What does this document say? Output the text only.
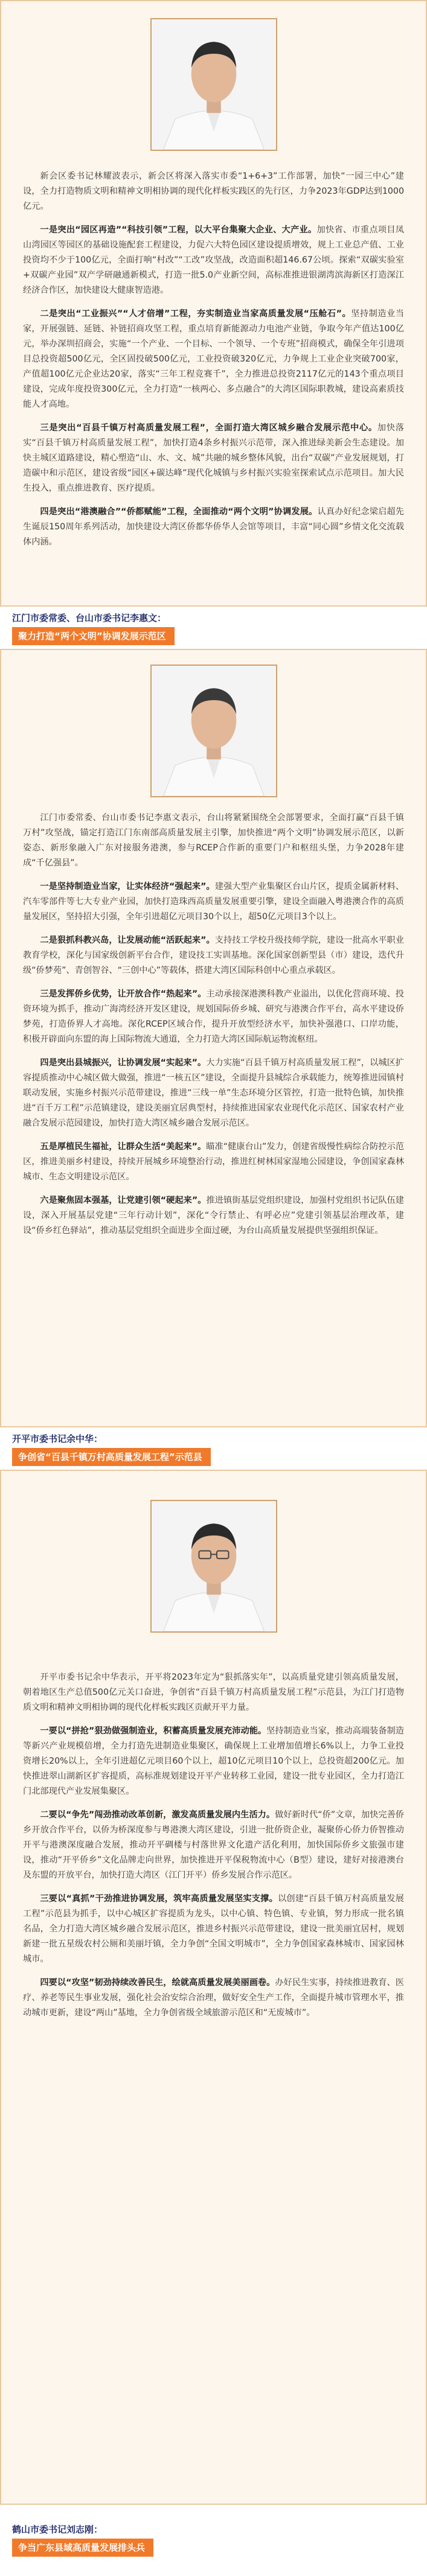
新会区委书记林耀波表示，新会区将深入落实市委“1+6+3”工作部署，加快“一园三中心”建设，全力打造物质文明和精神文明相协调的现代化样板实践区的先行区，力争2023年GDP达到1000亿元。

一是突出“园区再造”“科技引领”工程，以大平台集聚大企业、大产业。加快省、市重点项目凤山湾园区等园区的基础设施配套工程建设，力促六大特色园区建设提质增效，规上工业总产值、工业投资均不少于100亿元，全面打响“村改”“工改”攻坚战，改造面积超146.67公顷。探索“双碳实验室+双碳产业园”双产学研融通新模式，打造一批5.0产业新空间，高标准推进银湖湾滨海新区打造深江经济合作区，加快建设大健康智造港。

二是突出“工业振兴”“人才倍增”工程，夯实制造业当家高质量发展“压舱石”。坚持制造业当家，开展强链、延链、补链招商攻坚工程，重点培育新能源动力电池产业链，争取今年产值达100亿元，举办深圳招商会，实施“一个产业、一个目标、一个领导、一个专班”招商模式，确保全年引进项目总投资超500亿元，全区固投破500亿元，工业投资破320亿元，力争规上工业企业突破700家，产值超100亿元企业达20家，落实“三年工程竞赛千”，全力推进总投资2117亿元的143个重点项目建设，完成年度投资300亿元，全力打造“一核两心、多点融合”的大湾区国际职教城，建设高素质技能人才高地。

三是突出“百县千镇万村高质量发展工程”，全面打造大湾区城乡融合发展示范中心。加快落实“百县千镇万村高质量发展工程”，加快打造4条乡村振兴示范带，深入推进绿美新会生态建设。加快主城区道路建设，精心塑造“山、水、文、城”共融的城乡整体风貌，出台“双碳”产业发展规划，打造碳中和示范区，建设省级“园区+碳达峰”现代化城镇与乡村振兴实验室探索试点示范项目。加大民生投入，重点推进教育、医疗提质。

四是突出“港澳融合”“侨都赋能”工程，全面推动“两个文明”协调发展。认真办好纪念梁启超先生诞辰150周年系列活动，加快建设大湾区侨都华侨华人会馆等项目，丰富“同心圆”乡情文化交流载体内涵。

江门市委常委、台山市委书记李惠文：
聚力打造“两个文明”协调发展示范区

江门市委常委、台山市委书记李惠文表示，台山将紧紧围绕全会部署要求，全面打赢“百县千镇万村”攻坚战，锚定打造江门东南部高质量发展主引擎，加快推进“两个文明”协调发展示范区，以新姿态、新形象融入广东对接服务港澳，参与RCEP合作新的重要门户和枢纽头堡，力争2028年建成“千亿强县”。

一是坚持制造业当家，让实体经济“强起来”。建强大型产业集聚区台山片区，提质金属新材料、汽车零部件等七大专业产业园，加快打造珠西高质量发展重要引擎，建设全面融入粤港澳合作的高质量发展区，坚持招大引强，全年引进超亿元项目30个以上，超50亿元项目3个以上。

二是狠抓科教兴岛，让发展动能“活跃起来”。支持技工学校升级技师学院，建设一批高水平职业教育学校，深化与国家级创新平台合作，建设技工实训基地。深化国家创新型县（市）建设，迭代升级“侨梦苑”、青创智谷、“三创中心”等载体，搭建大湾区国际科创中心重点承载区。

三是发挥侨乡优势，让开放合作“热起来”。主动承接深港澳科教产业溢出，以优化营商环境、投资环境为抓手，推动广海湾经济开发区建设，规划国际侨乡城、研究与港澳合作平台，高水平建设侨梦苑，打造侨界人才高地。深化RCEP区域合作，提升开放型经济水平，加快补强港口、口岸功能，积极开辟面向东盟的海上国际物流大通道，全力打造大湾区国际航运物流枢纽。

四是突出县城振兴，让协调发展“实起来”。大力实施“百县千镇万村高质量发展工程”，以城区扩容提质推动中心城区做大做强，推进“一核五区”建设，全面提升县城综合承载能力，统筹推进园镇村联动发展，实施乡村振兴示范带建设，推进“三线一单”生态环境分区管控，打造一批特色镇，加快推进“百千万工程”示范镇建设，建设美丽宜居典型村，持续推进国家农业现代化示范区、国家农村产业融合发展示范园建设，加快打造大湾区城乡融合发展示范区。

五是厚植民生福祉，让群众生活“美起来”。瞄准“健康台山”发力，创建省级慢性病综合防控示范区，推进美丽乡村建设，持续开展城乡环境整治行动，推进红树林国家湿地公园建设，争创国家森林城市、生态文明建设示范区。

六是聚焦固本强基，让党建引领“硬起来”。推进镇街基层党组织建设，加强村党组织书记队伍建设，深入开展基层党建“三年行动计划”，深化“令行禁止、有呼必应”党建引领基层治理改革，建设“侨乡红色驿站”，推动基层党组织全面进步全面过硬，为台山高质量发展提供坚强组织保证。

开平市委书记余中华：
争创省“百县千镇万村高质量发展工程”示范县

开平市委书记余中华表示，开平将2023年定为“狠抓落实年”，以高质量党建引领高质量发展，朝着地区生产总值500亿元关口奋进，争创省“百县千镇万村高质量发展工程”示范县，为江门打造物质文明和精神文明相协调的现代化样板实践区贡献开平力量。

一要以“拼抢”狠劲做强制造业，积蓄高质量发展充沛动能。坚持制造业当家，推动高端装备制造等新兴产业规模倍增，全力打造先进制造业集聚区，确保规上工业增加值增长6%以上，力争工业投资增长20%以上，全年引进超亿元项目60个以上，超10亿元项目10个以上，总投资超200亿元。加快推进翠山湖新区扩容提质，高标准规划建设开平产业转移工业园，建设一批专业园区，全力打造江门北部现代产业发展集聚区。

二要以“争先”闯劲推动改革创新，激发高质量发展内生活力。做好新时代“侨”文章，加快完善侨乡开放合作平台，以侨为桥深度参与粤港澳大湾区建设，引进一批侨资企业，凝聚侨心侨力侨智推动开平与港澳深度融合发展，推动开平碉楼与村落世界文化遗产活化利用，加快国际侨乡文旅强市建设，推动“开平侨乡”文化品牌走向世界，加快推进开平保税物流中心（B型）建设，建好对接港澳台及东盟的开放平台，加快打造大湾区（江门开平）侨乡发展合作示范区。

三要以“真抓”干劲推进协调发展，筑牢高质量发展坚实支撑。以创建“百县千镇万村高质量发展工程”示范县为抓手，以中心城区扩容提质为龙头，以中心镇、特色镇、专业镇，努力形成一批名镇名品，全力打造大湾区城乡融合发展示范区，推进乡村振兴示范带建设，建设一批美丽宜居村，规划新建一批五星级农村公厕和美丽圩镇，全力争创“全国文明城市”，全力争创国家森林城市、国家园林城市。

四要以“攻坚”韧劲持续改善民生，绘就高质量发展美丽画卷。办好民生实事，持续推进教育、医疗、养老等民生事业发展，强化社会治安综合治理，做好安全生产工作，全面提升城市管理水平，推动城市更新，建设“两山”基地，全力争创省级全域旅游示范区和“无废城市”。

鹤山市委书记刘志刚：
争当广东县域高质量发展排头兵
